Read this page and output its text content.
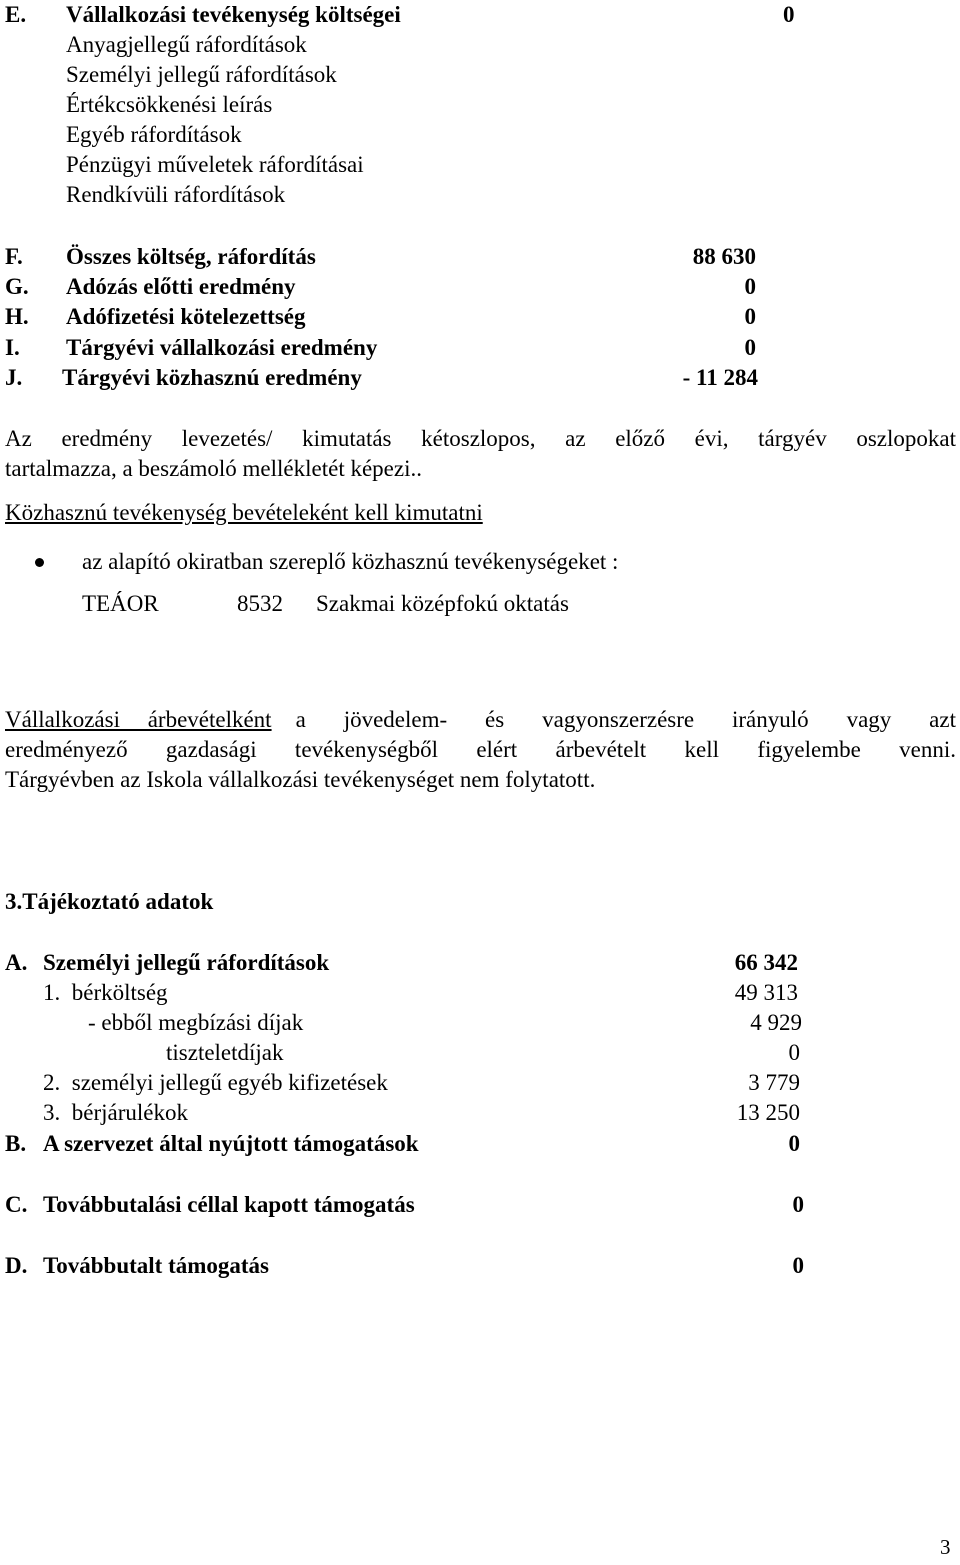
E. Vállalkozási tevékenység költségei	0
Anyagjellegű ráfordítások
Személyi jellegű ráfordítások
Értékcsökkenési leírás
Egyéb ráfordítások
Pénzügyi műveletek ráfordításai
Rendkívüli ráfordítások
F. Összes költség, ráfordítás	88 630
G. Adózás előtti eredmény	0
H. Adófizetési kötelezettség	0
I. Tárgyévi vállalkozási eredmény	0
J. Tárgyévi közhasznú eredmény	- 11 284
Az eredmény levezetés/ kimutatás kétoszlopos, az előző évi, tárgyév oszlopokat
tartalmazza, a beszámoló mellékletét képezi..
Közhasznú tevékenység bevételeként kell kimutatni
az alapító okiratban szereplő közhasznú tevékenységeket :
TEÁOR	8532 Szakmai középfokú oktatás
Vállalkozási árbevételként a jövedelem- és vagyonszerzésre irányuló vagy azt
eredményező gazdasági tevékenységből elért árbevételt kell figyelembe venni.
Tárgyévben az Iskola vállalkozási tevékenységet nem folytatott.
3.Tájékoztató adatok
A. Személyi jellegű ráfordítások	66 342
1.  bérköltség	49 313
- ebből megbízási díjak	4 929
tiszteletdíjak	0
2.  személyi jellegű egyéb kifizetések	3 779
3.  bérjárulékok	13 250
B. A szervezet által nyújtott támogatások	0
C. Továbbutalási céllal kapott támogatás	0
D. Továbbutalt támogatás	0
3
